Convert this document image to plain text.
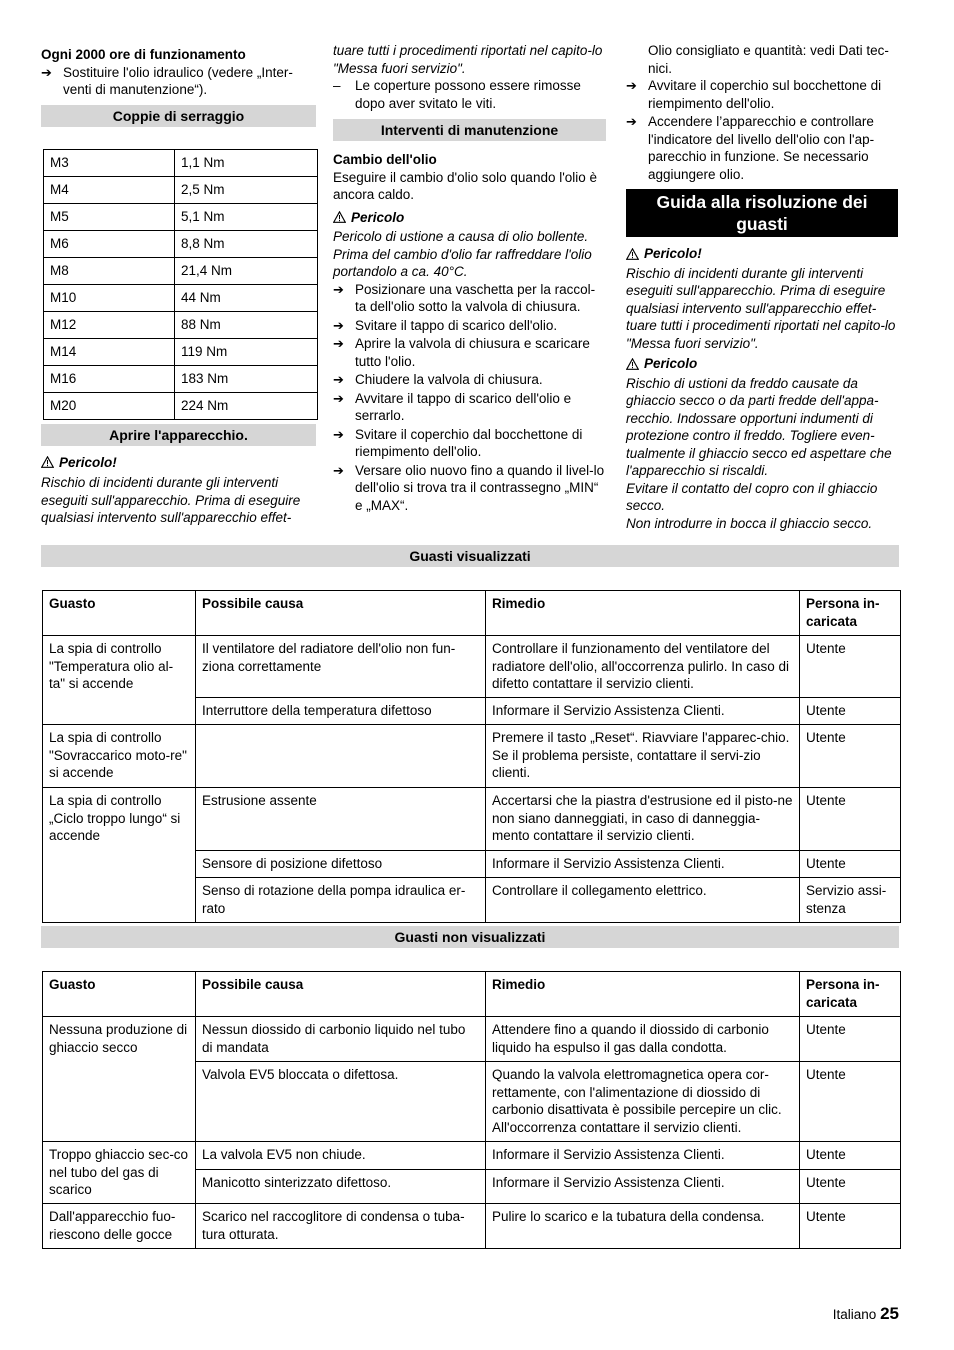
Ogni 2000 ore di funzionamento

➔ Sostituire l'olio idraulico (vedere „Inter-venti di manutenzione“).
Coppie di serraggio
M3	1,1 Nm
M4	2,5 Nm
M5	5,1 Nm
M6	8,8 Nm
M8	21,4 Nm
M10	44 Nm
M12	88 Nm
M14	119 Nm
M16	183 Nm
M20	224 Nm
Aprire l'apparecchio.
Pericolo!

Rischio di incidenti durante gli interventi eseguiti sull'apparecchio. Prima di eseguire qualsiasi intervento sull'apparecchio effet-

tuare tutti i procedimenti riportati nel capito-lo "Messa fuori servizio".

– Le coperture possono essere rimosse dopo aver svitato le viti.
Interventi di manutenzione

Cambio dell'olio

Eseguire il cambio d'olio solo quando l'olio è ancora caldo.

Pericolo

Pericolo di ustione a causa di olio bollente. Prima del cambio d'olio far raffreddare l'olio portandolo a ca. 40°C.

➔ Posizionare una vaschetta per la raccol-ta dell'olio sotto la valvola di chiusura.
➔ Svitare il tappo di scarico dell'olio.
➔ Aprire la valvola di chiusura e scaricare tutto l'olio.
➔ Chiudere la valvola di chiusura.
➔ Avvitare il tappo di scarico dell'olio e serrarlo.
➔ Svitare il coperchio dal bocchettone di riempimento dell'olio.
➔ Versare olio nuovo fino a quando il livel-lo dell'olio si trova tra il contrassegno „MIN“ e „MAX“.

Olio consigliato e quantità: vedi Dati tec-nici.

➔ Avvitare il coperchio sul bocchettone di riempimento dell'olio.
➔ Accendere l’apparecchio e controllare l'indicatore del livello dell'olio con l'ap-parecchio in funzione. Se necessario aggiungere olio.
Guida alla risoluzione dei guasti
Pericolo!

Rischio di incidenti durante gli interventi eseguiti sull'apparecchio. Prima di eseguire qualsiasi intervento sull'apparecchio effet-tuare tutti i procedimenti riportati nel capito-lo "Messa fuori servizio".

Pericolo

Rischio di ustioni da freddo causate da ghiaccio secco o da parti fredde dell'appa-recchio. Indossare opportuni indumenti di protezione contro il freddo. Togliere even-tualmente il ghiaccio secco ed aspettare che l'apparecchio si riscaldi.

Evitare il contatto del copro con il ghiaccio secco.

Non introdurre in bocca il ghiaccio secco.

Guasti visualizzati
Guasto	Possibile causa	Rimedio	Persona in-caricata
La spia di controllo "Temperatura olio al-ta" si accende	Il ventilatore del radiatore dell'olio non fun-ziona correttamente	Controllare il funzionamento del ventilatore del radiatore dell'olio, all'occorrenza pulirlo. In caso di difetto contattare il servizio clienti.	Utente
	Interruttore della temperatura difettoso	Informare il Servizio Assistenza Clienti.	Utente
La spia di controllo "Sovraccarico moto-re" si accende		Premere il tasto „Reset“. Riavviare l'apparec-chio. Se il problema persiste, contattare il servi-zio clienti.	Utente
La spia di controllo „Ciclo troppo lungo“ si accende	Estrusione assente	Accertarsi che la piastra d'estrusione ed il pisto-ne non siano danneggiati, in caso di danneggia-mento contattare il servizio clienti.	Utente
	Sensore di posizione difettoso	Informare il Servizio Assistenza Clienti.	Utente
	Senso di rotazione della pompa idraulica er-rato	Controllare il collegamento elettrico.	Servizio assi-stenza
Guasti non visualizzati
Guasto	Possibile causa	Rimedio	Persona in-caricata
Nessuna produzione di ghiaccio secco	Nessun diossido di carbonio liquido nel tubo di mandata	Attendere fino a quando il diossido di carbonio liquido ha espulso il gas dalla condotta.	Utente
	Valvola EV5 bloccata o difettosa.	Quando la valvola elettromagnetica opera cor-rettamente, con l'alimentazione di diossido di carbonio disattivata è possibile percepire un clic. All'occorrenza contattare il servizio clienti.	Utente
Troppo ghiaccio sec-co nel tubo del gas di scarico	La valvola EV5 non chiude.	Informare il Servizio Assistenza Clienti.	Utente
	Manicotto sinterizzato difettoso.	Informare il Servizio Assistenza Clienti.	Utente
Dall'apparecchio fuo-riescono delle gocce	Scarico nel raccoglitore di condensa o tuba-tura otturata.	Pulire lo scarico e la tubatura della condensa.	Utente
Italiano 25
